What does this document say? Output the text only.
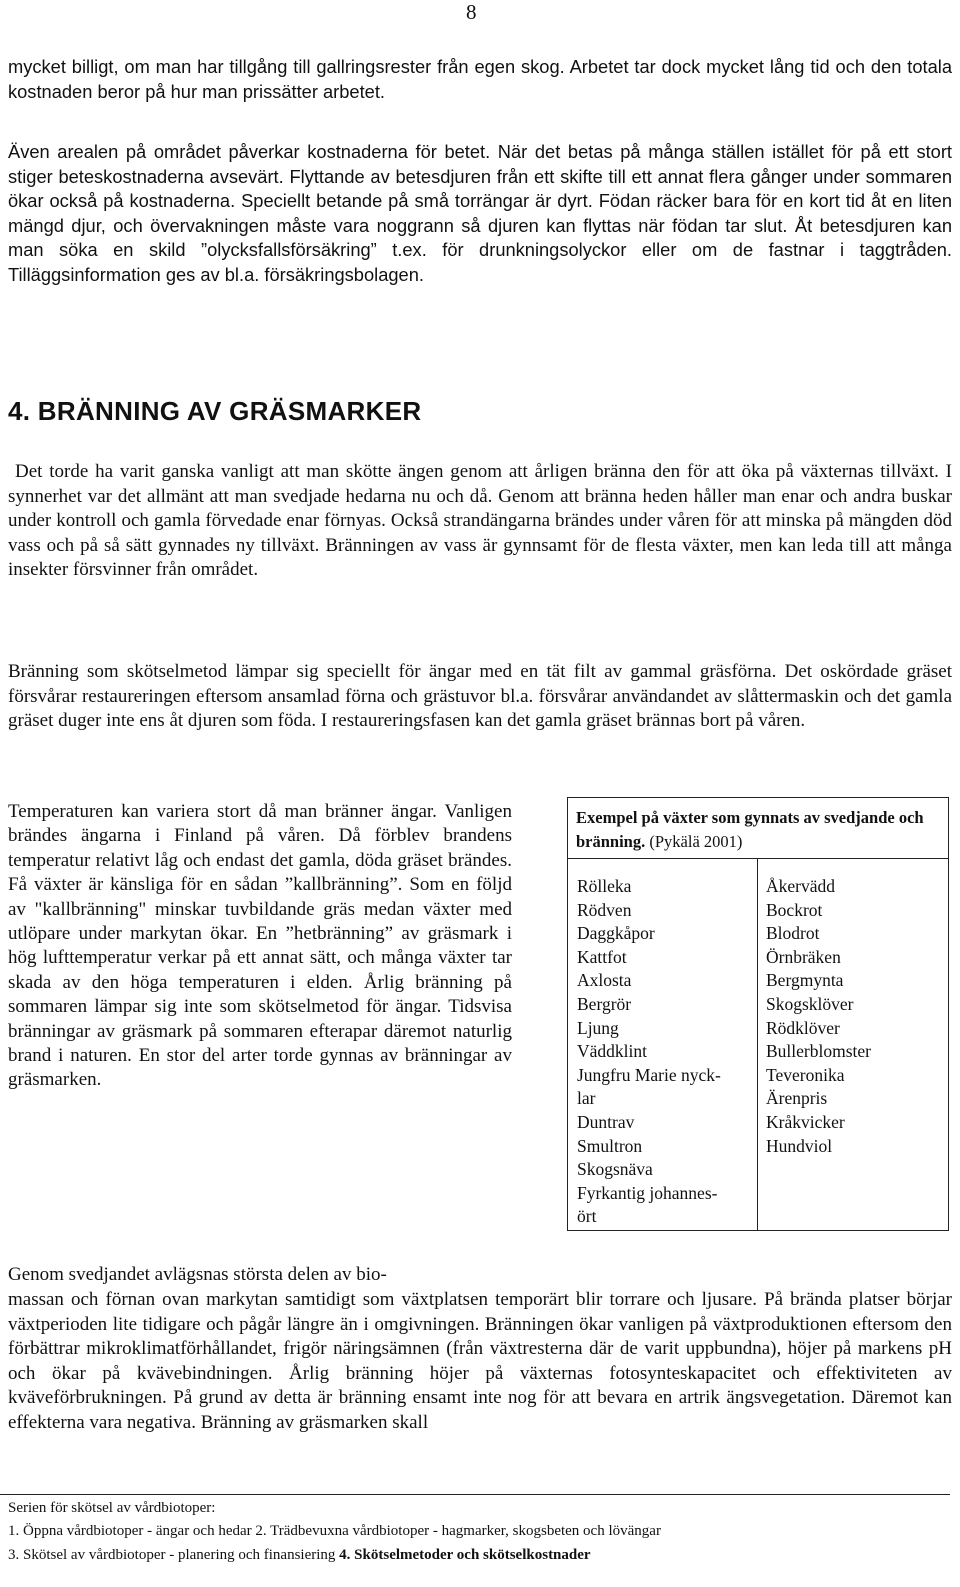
8

mycket billigt, om man har tillgång till gallringsrester från egen skog. Arbetet tar dock mycket lång tid och den totala kostnaden beror på hur man prissätter arbetet.

Även arealen på området påverkar kostnaderna för betet. När det betas på många ställen istället för på ett stort stiger beteskostnaderna avsevärt. Flyttande av betesdjuren från ett skifte till ett annat flera gånger under sommaren ökar också på kostnaderna. Speciellt betande på små torrängar är dyrt. Födan räcker bara för en kort tid åt en liten mängd djur, och övervakningen måste vara noggrann så djuren kan flyttas när födan tar slut. Åt betesdjuren kan man söka en skild ”olycksfallsförsäkring” t.ex. för drunkningsolyckor eller om de fastnar i taggtråden. Tilläggsinformation ges av bl.a. försäkringsbolagen.

4. BRÄNNING AV GRÄSMARKER

Det torde ha varit ganska vanligt att man skötte ängen genom att årligen bränna den för att öka på växternas tillväxt. I synnerhet var det allmänt att man svedjade hedarna nu och då. Genom att bränna heden håller man enar och andra buskar under kontroll och gamla förvedade enar förnyas. Också strandängarna brändes under våren för att minska på mängden död vass och på så sätt gynnades ny tillväxt. Bränningen av vass är gynnsamt för de flesta växter, men kan leda till att många insekter försvinner från området.

Bränning som skötselmetod lämpar sig speciellt för ängar med en tät filt av gammal gräsförna. Det oskördade gräset försvårar restaureringen eftersom ansamlad förna och grästuvor bl.a. försvårar användandet av slåttermaskin och det gamla gräset duger inte ens åt djuren som föda. I restaureringsfasen kan det gamla gräset brännas bort på våren.

Temperaturen kan variera stort då man bränner ängar. Vanligen brändes ängarna i Finland på våren. Då förblev brandens temperatur relativt låg och endast det gamla, döda gräset brändes. Få växter är känsliga för en sådan ”kallbränning”. Som en följd av "kallbränning" minskar tuvbildande gräs medan växter med utlöpare under markytan ökar. En ”hetbränning” av gräsmark i hög lufttemperatur verkar på ett annat sätt, och många växter tar skada av den höga temperaturen i elden. Årlig bränning på sommaren lämpar sig inte som skötselmetod för ängar. Tidsvisa bränningar av gräsmark på sommaren efterapar däremot naturlig brand i naturen. En stor del arter torde gynnas av bränningar av gräsmarken.

Exempel på växter som gynnats av svedjande och bränning. (Pykälä 2001)

Rölleka
Rödven
Daggkåpor
Kattfot
Axlosta
Bergrör
Ljung
Väddklint
Jungfru Marie nyck-
lar
Duntrav
Smultron
Skogsnäva
Fyrkantig johannes-
ört
Åkervädd
Bockrot
Blodrot
Örnbräken
Bergmynta
Skogsklöver
Rödklöver
Bullerblomster
Teveronika
Ärenpris
Kråkvicker
Hundviol

Genom svedjandet avlägsnas största delen av bio-

massan och förnan ovan markytan samtidigt som växtplatsen temporärt blir torrare och ljusare. På brända platser börjar växtperioden lite tidigare och pågår längre än i omgivningen. Bränningen ökar vanligen på växtproduktionen eftersom den förbättrar mikroklimatförhållandet, frigör näringsämnen (från växtresterna där de varit uppbundna), höjer på markens pH och ökar på kvävebindningen. Årlig bränning höjer på växternas fotosynteskapacitet och effektiviteten av kväveförbrukningen. På grund av detta är bränning ensamt inte nog för att bevara en artrik ängsvegetation. Däremot kan effekterna vara negativa. Bränning av gräsmarken skall

Serien för skötsel av vårdbiotoper:

1. Öppna vårdbiotoper - ängar och hedar 2. Trädbevuxna vårdbiotoper - hagmarker, skogsbeten och lövängar

3. Skötsel av vårdbiotoper - planering och finansiering 4. Skötselmetoder och skötselkostnader
